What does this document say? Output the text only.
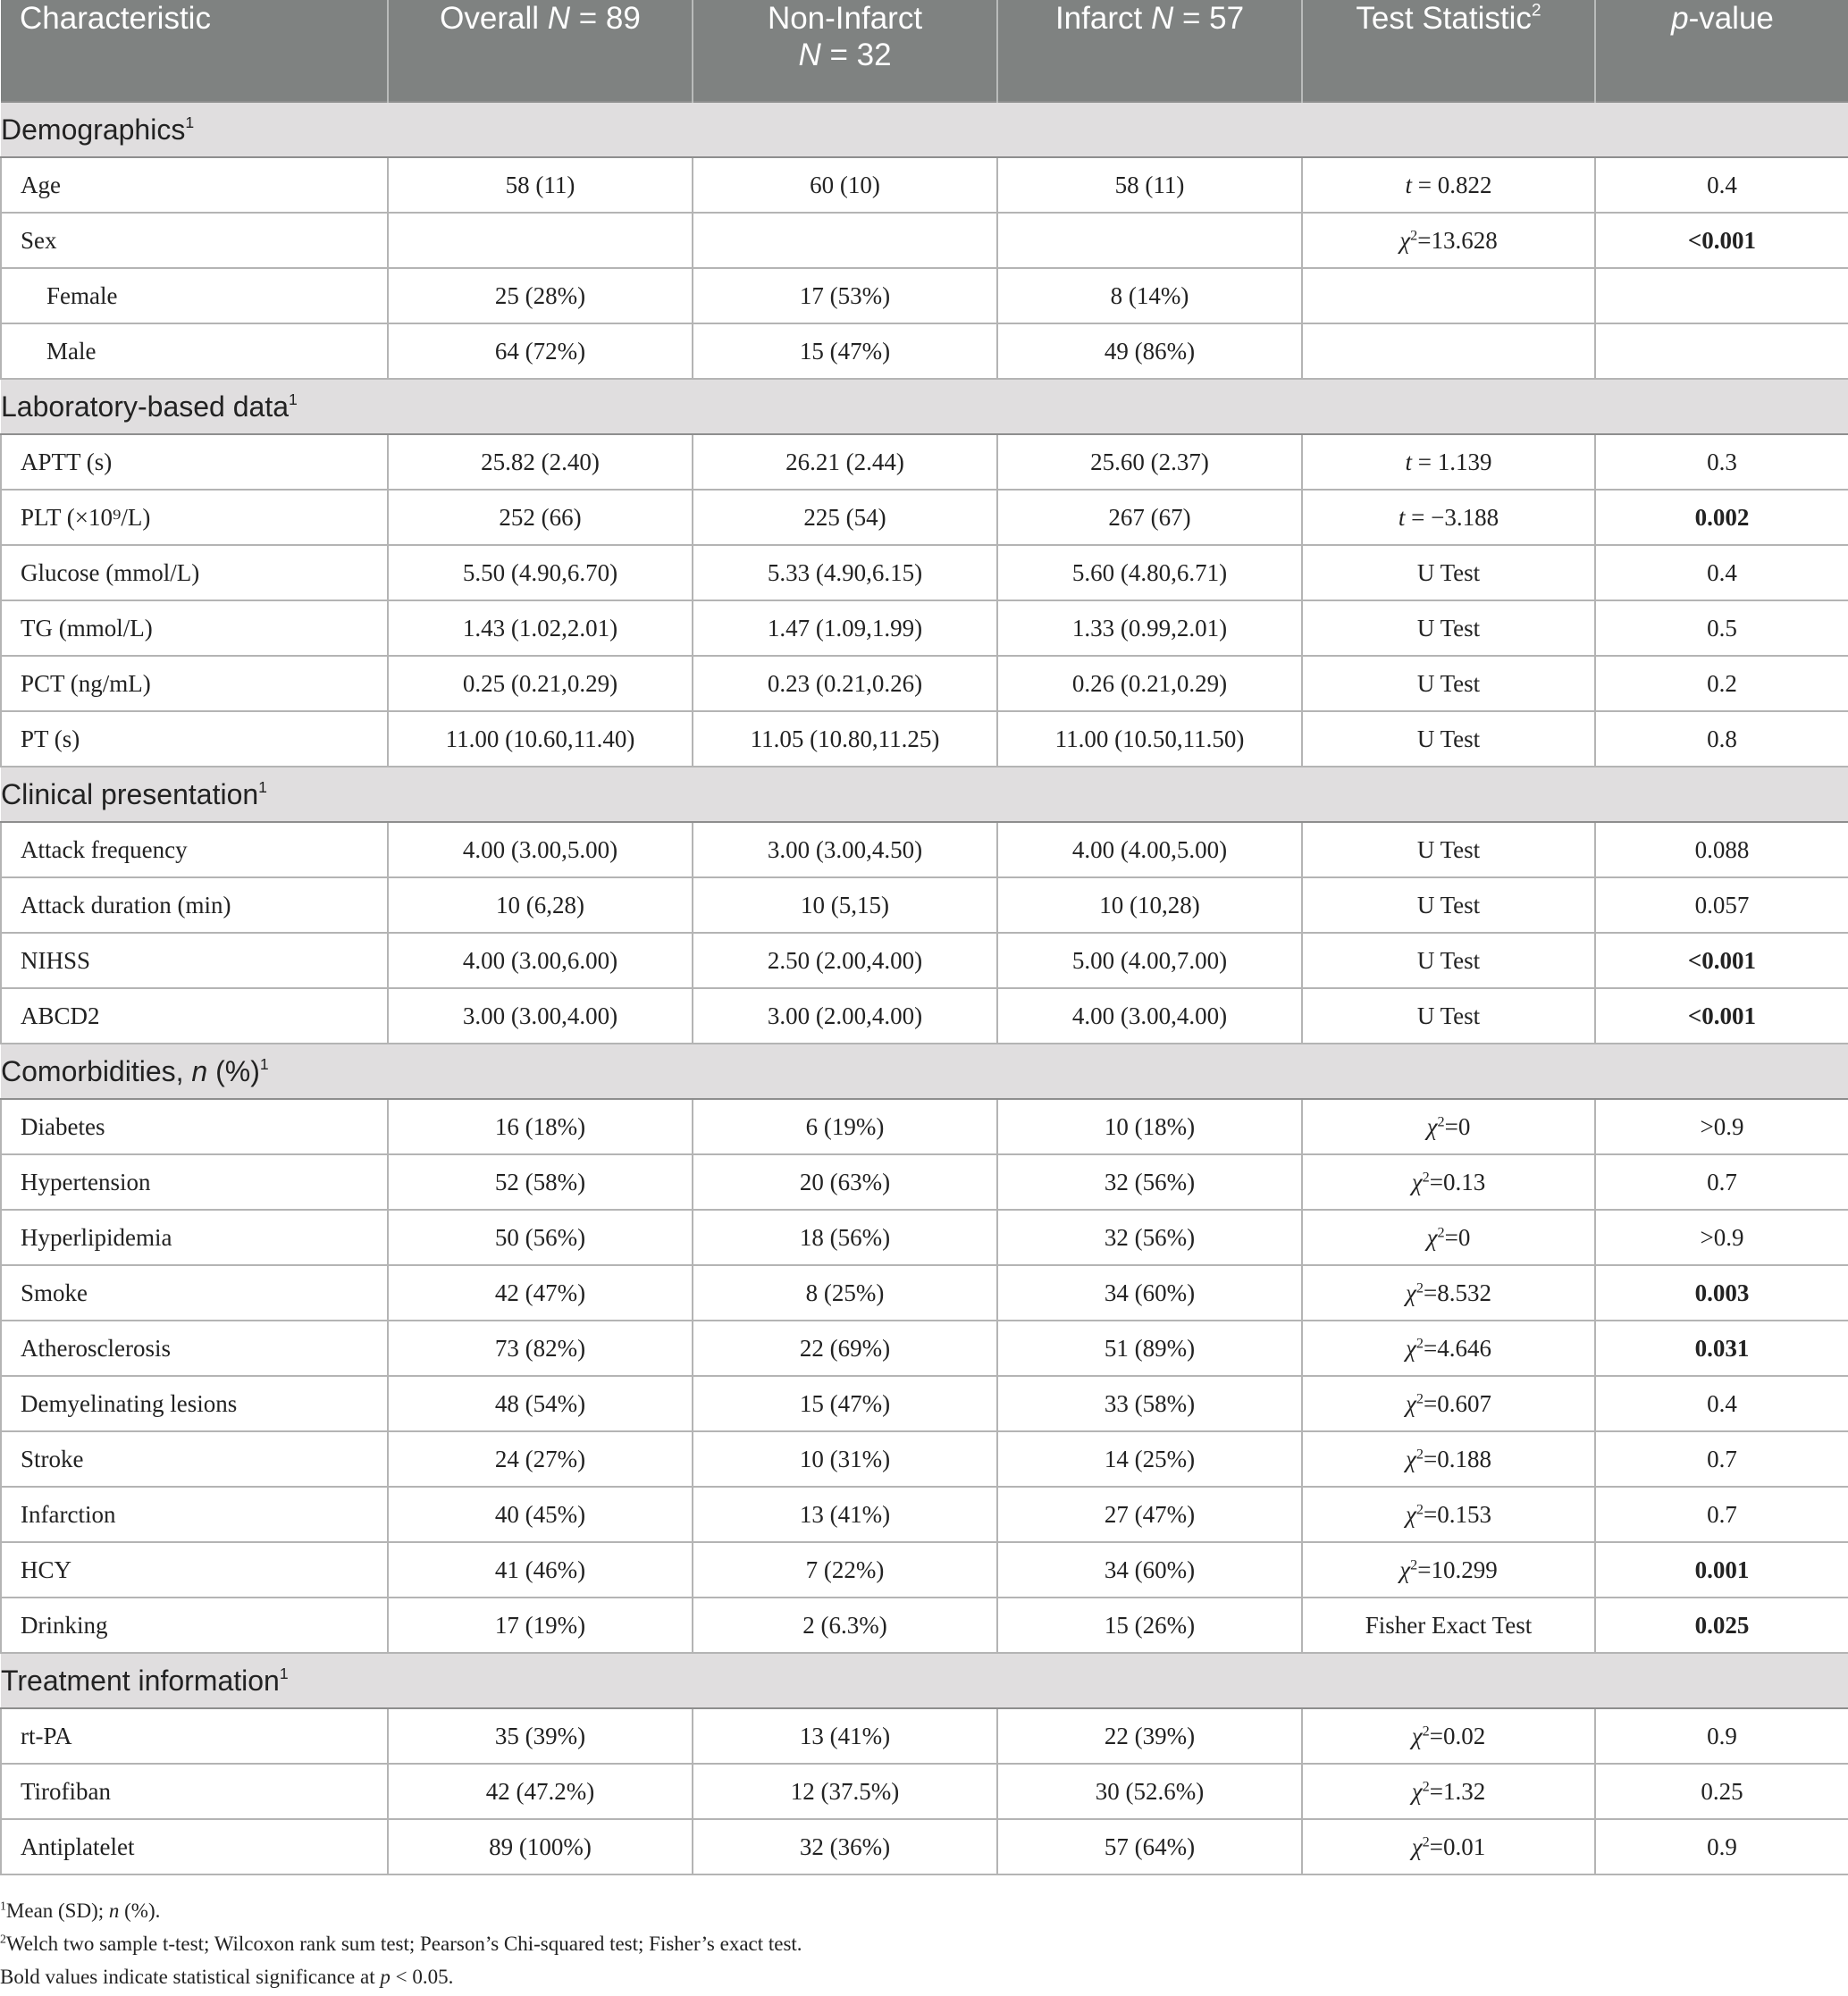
Characteristic	Overall N = 89	Non-Infarct
N = 32	Infarct N = 57	Test Statistic$^2$	p-value
Demographics$^1$
Age	58 (11)	60 (10)	58 (11)	t = 0.822	0.4
Sex				$\chi^2=13.628$	<0.001
Female	25 (28%)	17 (53%)	8 (14%)		
Male	64 (72%)	15 (47%)	49 (86%)		
Laboratory-based data$^1$
APTT (s)	25.82 (2.40)	26.21 (2.44)	25.60 (2.37)	t = 1.139	0.3
PLT (×10⁹/L)	252 (66)	225 (54)	267 (67)	t = −3.188	0.002
Glucose (mmol/L)	5.50 (4.90,6.70)	5.33 (4.90,6.15)	5.60 (4.80,6.71)	U Test	0.4
TG (mmol/L)	1.43 (1.02,2.01)	1.47 (1.09,1.99)	1.33 (0.99,2.01)	U Test	0.5
PCT (ng/mL)	0.25 (0.21,0.29)	0.23 (0.21,0.26)	0.26 (0.21,0.29)	U Test	0.2
PT (s)	11.00 (10.60,11.40)	11.05 (10.80,11.25)	11.00 (10.50,11.50)	U Test	0.8
Clinical presentation$^1$
Attack frequency	4.00 (3.00,5.00)	3.00 (3.00,4.50)	4.00 (4.00,5.00)	U Test	0.088
Attack duration (min)	10 (6,28)	10 (5,15)	10 (10,28)	U Test	0.057
NIHSS	4.00 (3.00,6.00)	2.50 (2.00,4.00)	5.00 (4.00,7.00)	U Test	<0.001
ABCD2	3.00 (3.00,4.00)	3.00 (2.00,4.00)	4.00 (3.00,4.00)	U Test	<0.001
Comorbidities, n (%)$^1$
Diabetes	16 (18%)	6 (19%)	10 (18%)	$\chi^2=0$	>0.9
Hypertension	52 (58%)	20 (63%)	32 (56%)	$\chi^2=0.13$	0.7
Hyperlipidemia	50 (56%)	18 (56%)	32 (56%)	$\chi^2=0$	>0.9
Smoke	42 (47%)	8 (25%)	34 (60%)	$\chi^2=8.532$	0.003
Atherosclerosis	73 (82%)	22 (69%)	51 (89%)	$\chi^2=4.646$	0.031
Demyelinating lesions	48 (54%)	15 (47%)	33 (58%)	$\chi^2=0.607$	0.4
Stroke	24 (27%)	10 (31%)	14 (25%)	$\chi^2=0.188$	0.7
Infarction	40 (45%)	13 (41%)	27 (47%)	$\chi^2=0.153$	0.7
HCY	41 (46%)	7 (22%)	34 (60%)	$\chi^2=10.299$	0.001
Drinking	17 (19%)	2 (6.3%)	15 (26%)	Fisher Exact Test	0.025
Treatment information$^1$
rt-PA	35 (39%)	13 (41%)	22 (39%)	$\chi^2=0.02$	0.9
Tirofiban	42 (47.2%)	12 (37.5%)	30 (52.6%)	$\chi^2=1.32$	0.25
Antiplatelet	89 (100%)	32 (36%)	57 (64%)	$\chi^2=0.01$	0.9
$^1$Mean (SD); n (%).
$^2$Welch two sample t-test; Wilcoxon rank sum test; Pearson’s Chi-squared test; Fisher’s exact test.
Bold values indicate statistical significance at p < 0.05.
